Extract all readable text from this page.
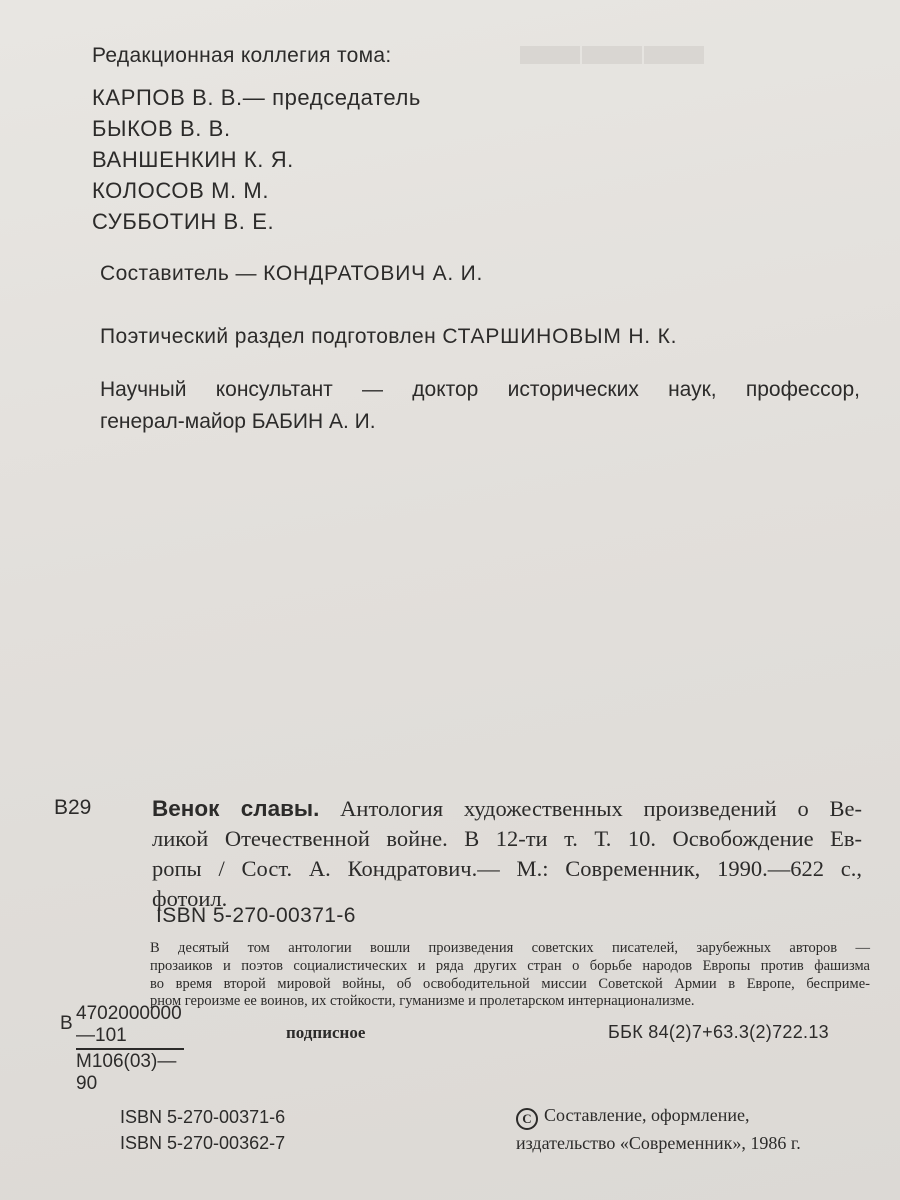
▬▬▬
Редакционная коллегия тома:
КАРПОВ В. В.— председатель
БЫКОВ В. В.
ВАНШЕНКИН К. Я.
КОЛОСОВ М. М.
СУББОТИН В. Е.
Составитель — КОНДРАТОВИЧ А. И.
Поэтический раздел подготовлен СТАРШИНОВЫМ Н. К.
Научный консультант — доктор исторических наук, профессор,
генерал-майор БАБИН А. И.
В29	Венок славы. Антология художественных произведений о Ве-
ликой Отечественной войне. В 12-ти т. Т. 10. Освобождение Ев-
ропы / Сост. А. Кондратович.— М.: Современник, 1990.—622 с.,
фотоил.
ISBN 5-270-00371-6
В десятый том антологии вошли произведения советских писателей, зарубежных авторов —
прозаиков и поэтов социалистических и ряда других стран о борьбе народов Европы против фашизма
во время второй мировой войны, об освободительной миссии Советской Армии в Европе, бесприме-
рном героизме ее воинов, их стойкости, гуманизме и пролетарском интернационализме.
В 4702000000—101
М106(03)—90
подписное	ББК 84(2)7+63.3(2)722.13
ISBN 5-270-00371-6
ISBN 5-270-00362-7
C Составление, оформление,
издательство «Современник», 1986 г.
